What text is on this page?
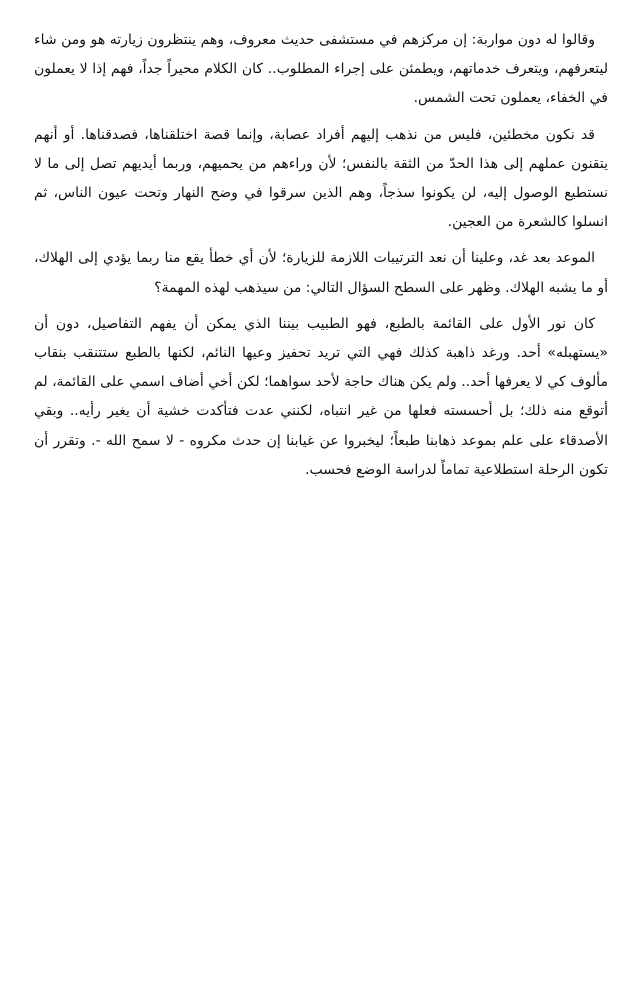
وقالوا له دون مواربة: إن مركزهم في مستشفى حديث معروف، وهم ينتظرون زيارته هو ومن شاء ليتعرفهم، ويتعرف خدماتهم، ويطمئن على إجراء المطلوب.. كان الكلام محيراً جداً، فهم إذا لا يعملون في الخفاء، يعملون تحت الشمس.

قد نكون مخطئين، فليس من نذهب إليهم أفراد عصابة، وإنما قصة اختلقناها، فصدقناها. أو أنهم يتقنون عملهم إلى هذا الحدّ من الثقة بالنفس؛ لأن وراءهم من يحميهم، وربما أيديهم تصل إلى ما لا نستطيع الوصول إليه، لن يكونوا سذجاً، وهم الذين سرقوا في وضح النهار وتحت عيون الناس، ثم انسلوا كالشعرة من العجين.

الموعد بعد غد، وعلينا أن نعد الترتيبات اللازمة للزيارة؛ لأن أي خطأ يقع منا ربما يؤدي إلى الهلاك، أو ما يشبه الهلاك. وظهر على السطح السؤال التالي: من سيذهب لهذه المهمة؟

كان نور الأول على القائمة بالطبع، فهو الطبيب بيننا الذي يمكن أن يفهم التفاصيل، دون أن «يستهبله» أحد. ورغد ذاهبة كذلك فهي التي تريد تحفيز وعيها النائم، لكنها بالطبع ستتنقب بنقاب مألوف كي لا يعرفها أحد.. ولم يكن هناك حاجة لأحد سواهما؛ لكن أخي أضاف اسمي على القائمة، لم أتوقع منه ذلك؛ بل أحسسته فعلها من غير انتباه، لكنني عدت فتأكدت خشية أن يغير رأيه.. وبقي الأصدقاء على علم بموعد ذهابنا طبعاً؛ ليخبروا عن غيابنا إن حدث مكروه - لا سمح الله -. وتقرر أن تكون الرحلة استطلاعية تماماً لدراسة الوضع فحسب.
